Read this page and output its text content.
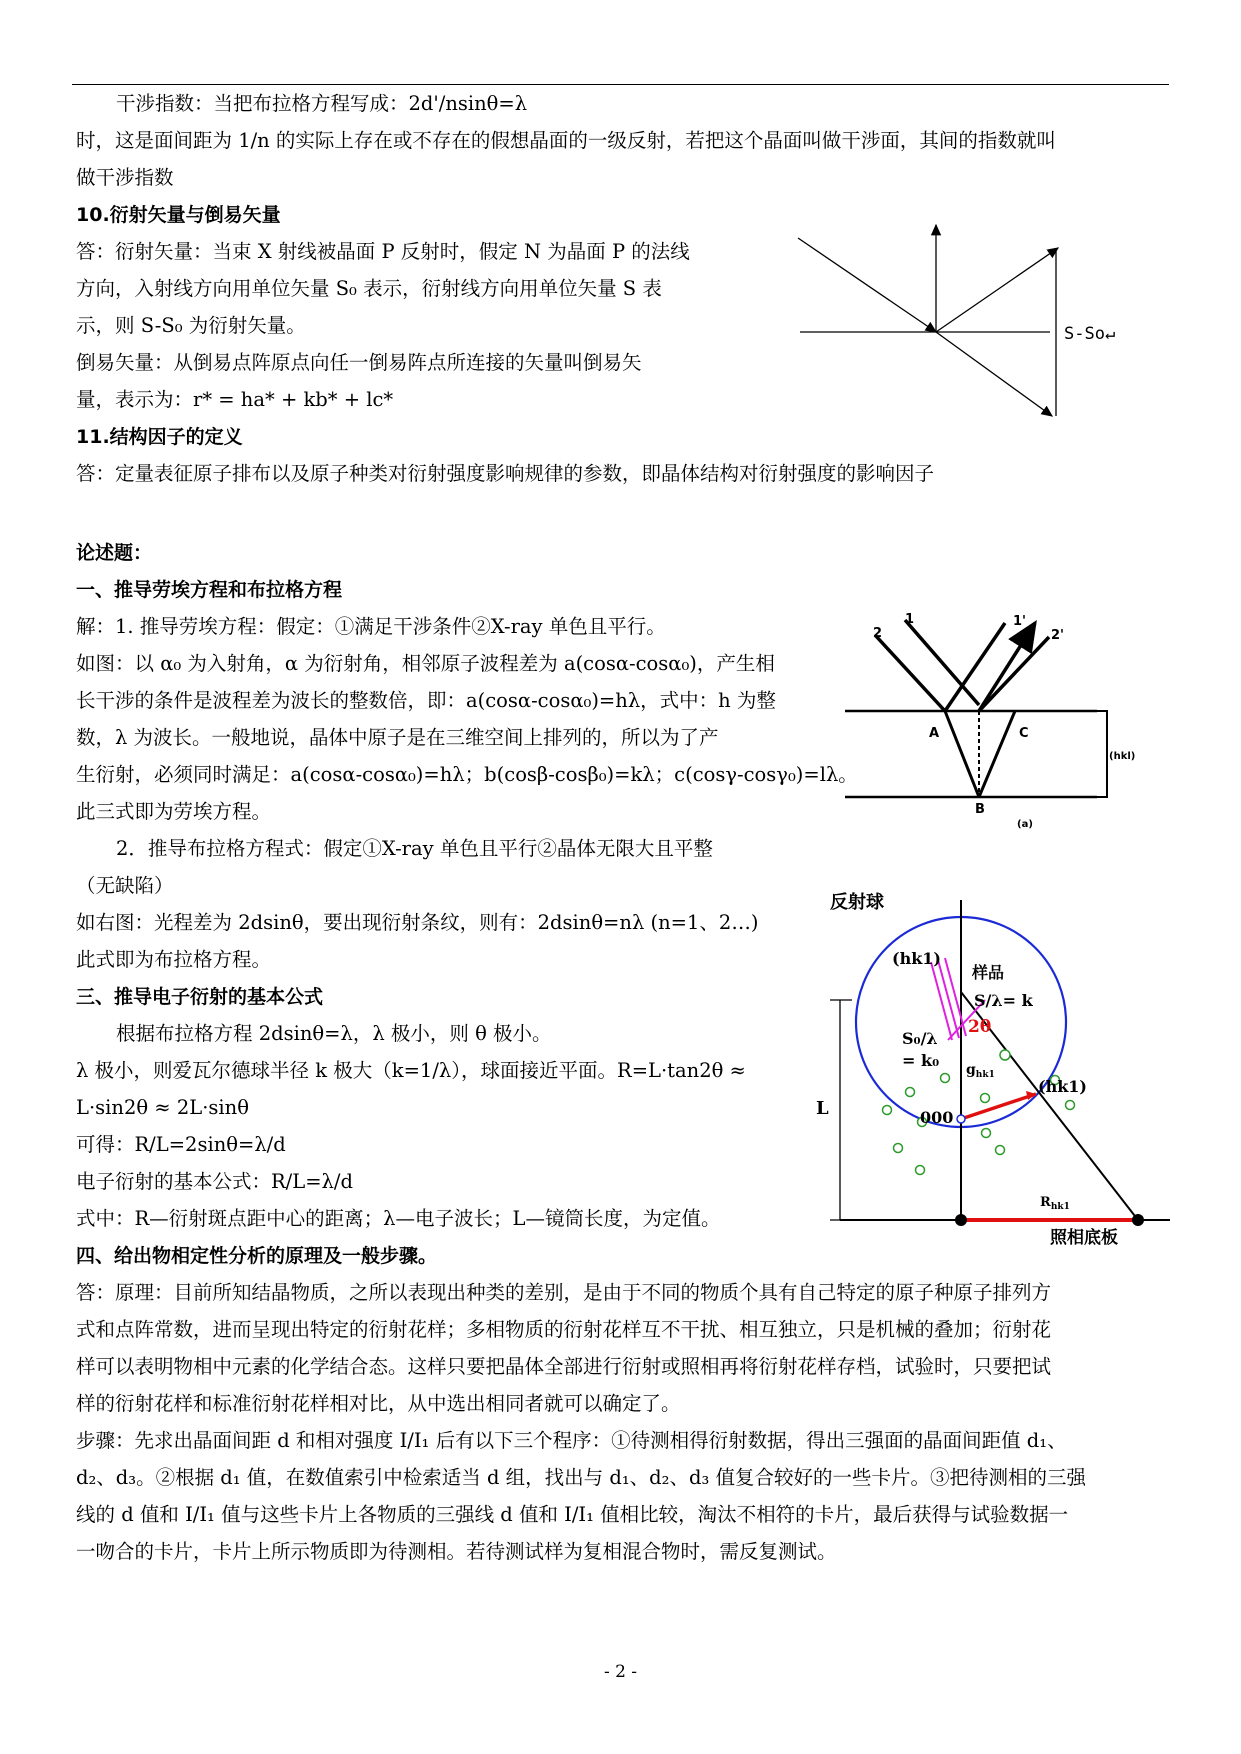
干涉指数：当把布拉格方程写成：2d'/nsinθ=λ
时，这是面间距为 1/n 的实际上存在或不存在的假想晶面的一级反射，若把这个晶面叫做干涉面，其间的指数就叫
做干涉指数
10.衍射矢量与倒易矢量
答：衍射矢量：当束 X 射线被晶面 P 反射时，假定 N 为晶面 P 的法线
方向，入射线方向用单位矢量 S₀ 表示，衍射线方向用单位矢量 S 表
示，则 S-S₀ 为衍射矢量。
倒易矢量：从倒易点阵原点向任一倒易阵点所连接的矢量叫倒易矢
量，表示为：r* = ha* + kb* + lc*
11.结构因子的定义
答：定量表征原子排布以及原子种类对衍射强度影响规律的参数，即晶体结构对衍射强度的影响因子
论述题：
一、推导劳埃方程和布拉格方程
解：1. 推导劳埃方程：假定：①满足干涉条件②X-ray 单色且平行。
如图：以 α₀ 为入射角，α 为衍射角，相邻原子波程差为 a(cosα-cosα₀)，产生相
长干涉的条件是波程差为波长的整数倍，即：a(cosα-cosα₀)=hλ，式中：h 为整
数，λ 为波长。一般地说，晶体中原子是在三维空间上排列的，所以为了产
生衍射，必须同时满足：a(cosα-cosα₀)=hλ；b(cosβ-cosβ₀)=kλ；c(cosγ-cosγ₀)=lλ。
此三式即为劳埃方程。
2．推导布拉格方程式：假定①X-ray 单色且平行②晶体无限大且平整
（无缺陷）
如右图：光程差为 2dsinθ，要出现衍射条纹，则有：2dsinθ=nλ (n=1、2…)
此式即为布拉格方程。
三、推导电子衍射的基本公式
根据布拉格方程 2dsinθ=λ，λ 极小，则 θ 极小。
λ 极小，则爱瓦尔德球半径 k 极大（k=1/λ），球面接近平面。R=L·tan2θ ≈
L·sin2θ ≈ 2L·sinθ
可得：R/L=2sinθ=λ/d
电子衍射的基本公式：R/L=λ/d
式中：R—衍射斑点距中心的距离；λ—电子波长；L—镜筒长度，为定值。
四、给出物相定性分析的原理及一般步骤。
答：原理：目前所知结晶物质，之所以表现出种类的差别，是由于不同的物质个具有自己特定的原子种原子排列方
式和点阵常数，进而呈现出特定的衍射花样；多相物质的衍射花样互不干扰、相互独立，只是机械的叠加；衍射花
样可以表明物相中元素的化学结合态。这样只要把晶体全部进行衍射或照相再将衍射花样存档，试验时，只要把试
样的衍射花样和标准衍射花样相对比，从中选出相同者就可以确定了。
步骤：先求出晶面间距 d 和相对强度 I/I₁ 后有以下三个程序：①待测相得衍射数据，得出三强面的晶面间距值 d₁、
d₂、d₃。②根据 d₁ 值，在数值索引中检索适当 d 组，找出与 d₁、d₂、d₃ 值复合较好的一些卡片。③把待测相的三强
线的 d 值和 I/I₁ 值与这些卡片上各物质的三强线 d 值和 I/I₁ 值相比较，淘汰不相符的卡片，最后获得与试验数据一
一吻合的卡片，卡片上所示物质即为待测相。若待测试样为复相混合物时，需反复测试。
S-So↵
2
1	1'
2'
A	C
B
(hkl)
(a)
反射球
(hk1)
样品
S/λ= k
2θ
S₀/λ
= k₀ $g_{hk1}$
(hk1)
000
L
$R_{hk1}$
照相底板
- 2 -
